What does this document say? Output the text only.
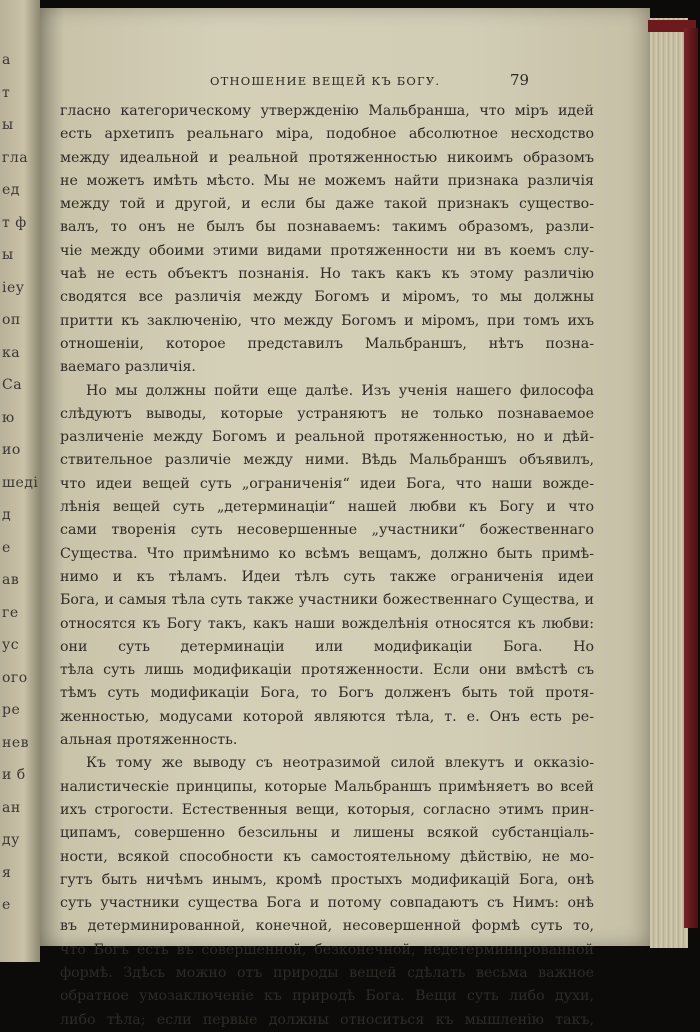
а
т
ы
гла
ед
т ф
ы
іеу
оп
ка
Са
ю
ио
шеді
д
е
ав
ге
ус
ого
ре
нев
и б
ан
ду
я
е
ОТНОШЕНИЕ ВЕЩЕЙ КЪ БОГУ.	79
гласно категорическому утвержденію Мальбранша, что міръ идей
есть архетипъ реальнаго міра, подобное абсолютное несходство
между идеальной и реальной протяженностью никоимъ образомъ
не можетъ имѣть мѣсто. Мы не можемъ найти признака различія
между той и другой, и если бы даже такой признакъ существо-
валъ, то онъ не былъ бы познаваемъ: такимъ образомъ, разли-
чіе между обоими этими видами протяженности ни въ коемъ слу-
чаѣ не есть объектъ познанія. Но такъ какъ къ этому различію
сводятся все различія между Богомъ и міромъ, то мы должны
притти къ заключенію, что между Богомъ и міромъ, при томъ ихъ
отношеніи, которое представилъ Мальбраншъ, нѣтъ позна-
ваемаго различія.
Но мы должны пойти еще далѣе. Изъ ученія нашего философа
слѣдуютъ выводы, которые устраняютъ не только познаваемое
различеніе между Богомъ и реальной протяженностью, но и дѣй-
ствительное различіе между ними. Вѣдь Мальбраншъ объявилъ,
что идеи вещей суть „ограниченія“ идеи Бога, что наши вожде-
лѣнія вещей суть „детерминаціи“ нашей любви къ Богу и что
сами творенія суть несовершенные „участники“ божественнаго
Существа. Что примѣнимо ко всѣмъ вещамъ, должно быть примѣ-
нимо и къ тѣламъ. Идеи тѣлъ суть также ограниченія идеи
Бога, и самыя тѣла суть также участники божественнаго Существа, и
относятся къ Богу такъ, какъ наши вожделѣнія относятся къ любви:
они суть детерминаціи или модификаціи Бога. Но
тѣла суть лишь модификаціи протяженности. Если они вмѣстѣ съ
тѣмъ суть модификаціи Бога, то Богъ долженъ быть той протя-
женностью, модусами которой являются тѣла, т. е. Онъ есть ре-
альная протяженность.
Къ тому же выводу съ неотразимой силой влекутъ и окказіо-
налистическіе принципы, которые Мальбраншъ примѣняетъ во всей
ихъ строгости. Естественныя вещи, которыя, согласно этимъ прин-
ципамъ, совершенно безсильны и лишены всякой субстанціаль-
ности, всякой способности къ самостоятельному дѣйствію, не мо-
гутъ быть ничѣмъ инымъ, кромѣ простыхъ модификацій Бога, онѣ
суть участники существа Бога и потому совпадаютъ съ Нимъ: онѣ
въ детерминированной, конечной, несовершенной формѣ суть то,
что Богъ есть въ совершенной, безконечной, недетерминированной
формѣ. Здѣсь можно отъ природы вещей сдѣлать весьма важное
обратное умозаключеніе къ природѣ Бога. Вещи суть либо духи,
либо тѣла; если первые должны относиться къ мышленію такъ,
